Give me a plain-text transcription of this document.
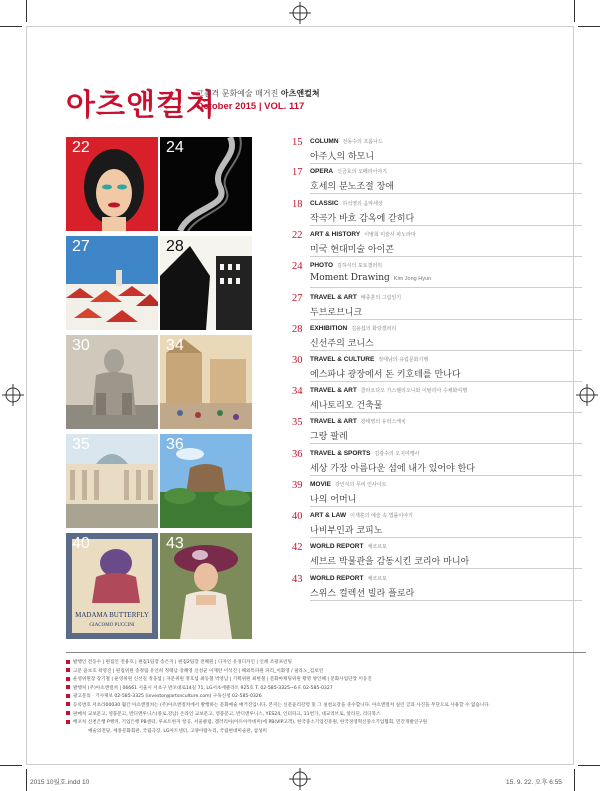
아츠앤컬쳐
고품격 문화예술 매거진 아츠앤컬쳐
October 2015 | VOL. 117
22	24
27	28
30	34
35	36
MADAMA BUTTERFLY
GIACOMO PUCCINI
40	43
15 COLUMN 전동수의 프롬나드
아주人의 하모니
17 OPERA 신금호의 오페라이야기
호세의 분노조절 장애
18 CLASSIC 하석영의 음악세상
작곡가 바흐 감옥에 갇히다
22 ART & HISTORY 이병희 미술사 파노라마
미국 현대미술 아이콘
24 PHOTO 김하식의 포토갤러리
Moment Drawing Kim Jong Hyun
27 TRAVEL & ART 배종훈의 그림일기
두브로브니크
28 EXHIBITION 김용섭의 화랑갤러리
신선주의 코니스
30 TRAVEL & CULTURE 정태남의 유럽문화기행
에스파냐 광장에서 돈 키호테를 만나다
34 TRAVEL & ART 콜라오다오 가스텔리오니와 이탈리아 수채화여행
세나토리오 건축물
35 TRAVEL & ART 장태영의 유러스케치
그랑 팔레
36 TRAVEL & SPORTS 김광수의 오지여행사
세상 가장 아름다운 섬에 내가 있어야 한다
39 MOVIE 강인식의 무비 인사이트
나의 어머니
40 ART & LAW 이재훈의 예술 속 법률이야기
나비부인과 코피노
42 WORLD REPORT 체코르포
세브르 박물관을 감동시킨 코리아 마니아
43 WORLD REPORT 체코르포
스위스 컬렉션 빌라 플로라
발행인 전동수 | 편집인 전용호 | 편집1팀장 송은지 | 편집2팀장 전혜원 | 디자인 유경디자인 | 인쇄 조광프린팅
고문 윤보호 곽영진 | 편집위원 송정림 유인희 정태남 장혜영 신성균 이재란 이석진 | 해외특파원 파리_이화영 / 필라노_김보연
운영위원장 장기철 | 운영위원 신선길 정웅섭 | 자문위원 정호섭 최동철 박영남 | 기획위원 최현철 | 문화마케팅위원 황명 양인혜 | 문화사업단장 이동진
발행처 (주)아츠앤컬쳐 | 06661 서울시 서초구 반포대로14길 71, LG서초에클라트 925호 T. 02-585-3325~6 F. 02-585-0327
광고문의 · 기사제보 02-585-3325 (investor@artsnculture.com) 구독신청 02-585-0326
등록번호 서초라00030 월간 아츠앤컬쳐는 (주)아츠앤컬쳐에서 발행하는 문화예술 매거진입니다. 본지는 신문윤리강령 및 그 실천요강을 준수합니다. 아츠앤컬쳐 실린 글과 사진을 무단으로 사용할 수 없습니다.
판매처 교보문고, 영풍문고, 반디앤루니스(종로,강남) 온라인 교보문고, 영풍문고, 반디앤루니스, YES24, 인터파크, 11번가, 대교리브로, 알라딘, 리디북스
배포처 신천은행 P뱅커, 기업은행 PB센터, 루프트한자 항공, 서울클럽, 갤러리아(아트아카데미)에 PB(VIP고객), 한국중소기업진흥원, 한국경영혁신중소기업협회, 민간개발연구원
예술의전당, 세종문화회관, 국립극장, LG아트센터, 고양아람누리, 국립현대미술관, 삼성미
2015 10월호.indd 10	15. 9. 22. 오후 6:55
